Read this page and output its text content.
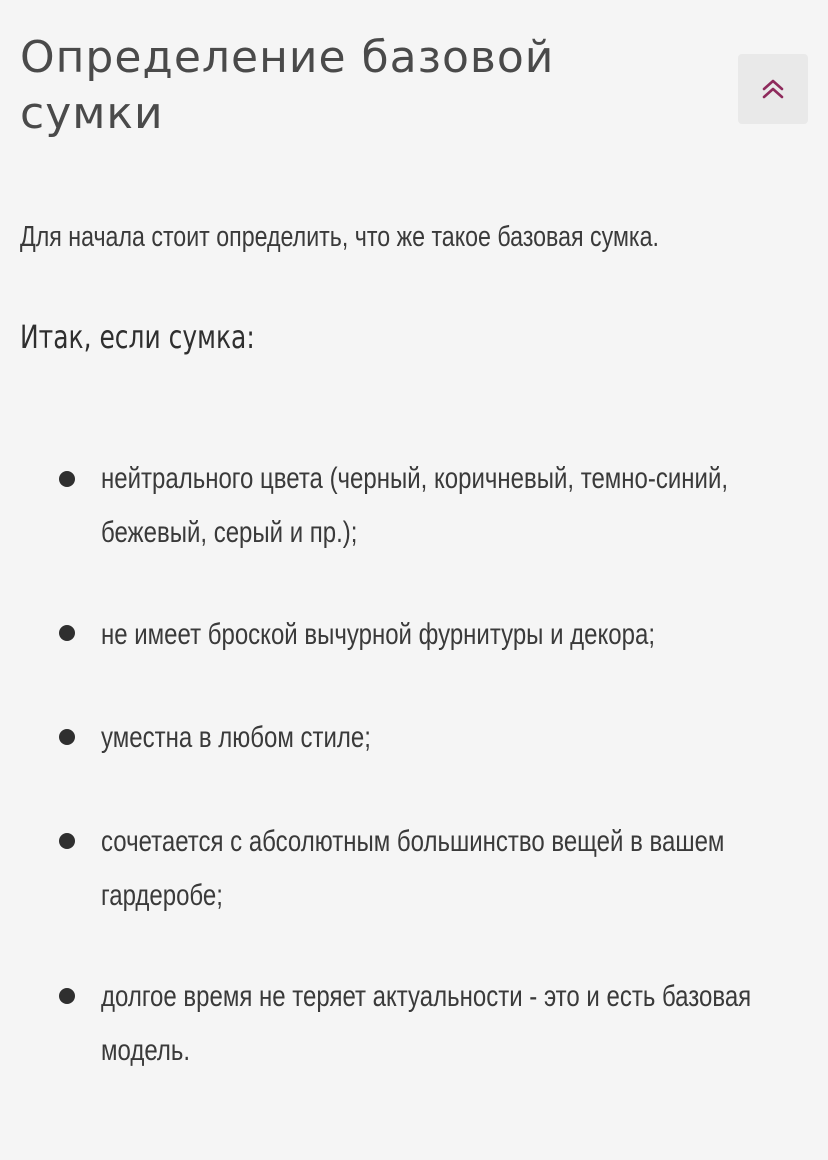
Определение базовой сумки

Для начала стоит определить, что же такое базовая сумка.

Итак, если сумка:

нейтрального цвета (черный, коричневый, темно-синий, бежевый, серый и пр.);
не имеет броской вычурной фурнитуры и декора;
уместна в любом стиле;
сочетается с абсолютным большинство вещей в вашем гардеробе;
долгое время не теряет актуальности - это и есть базовая модель.
